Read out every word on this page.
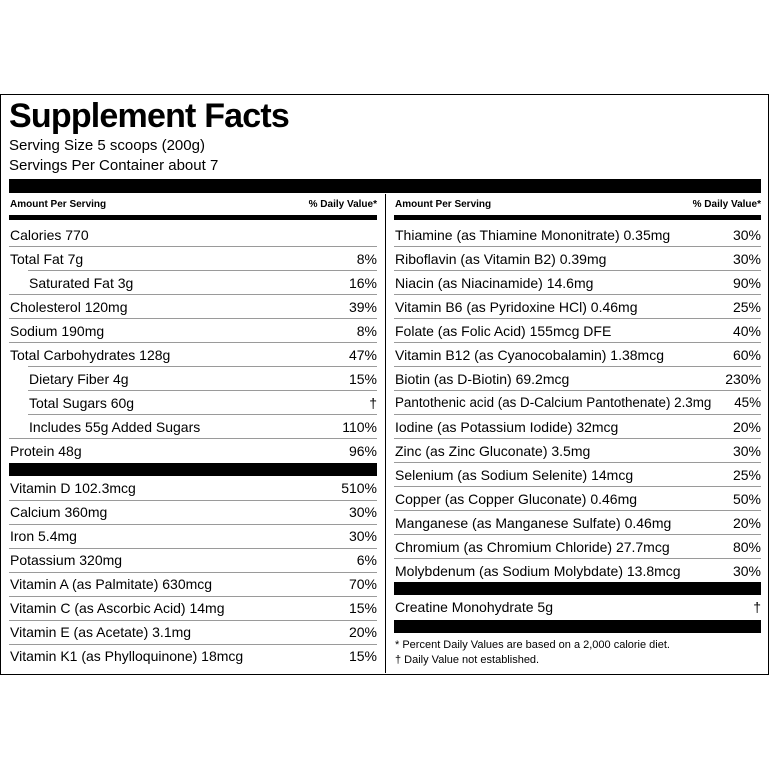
Supplement Facts
Serving Size 5 scoops (200g)
Servings Per Container about 7
Amount Per Serving	% Daily Value* Amount Per Serving	% Daily Value*
Calories 770
Total Fat 7g	8%
Saturated Fat 3g	16%
Cholesterol 120mg	39%
Sodium 190mg	8%
Total Carbohydrates 128g	47%
Dietary Fiber 4g	15%
Total Sugars 60g	†
Includes 55g Added Sugars	110%
Protein 48g	96%
Vitamin D 102.3mcg	510%
Calcium 360mg	30%
Iron 5.4mg	30%
Potassium 320mg	6%
Vitamin A (as Palmitate) 630mcg	70%
Vitamin C (as Ascorbic Acid) 14mg	15%
Vitamin E (as Acetate) 3.1mg	20%
Vitamin K1 (as Phylloquinone) 18mcg	15%
Thiamine (as Thiamine Mononitrate) 0.35mg	30%
Riboflavin (as Vitamin B2) 0.39mg	30%
Niacin (as Niacinamide) 14.6mg	90%
Vitamin B6 (as Pyridoxine HCl) 0.46mg	25%
Folate (as Folic Acid) 155mcg DFE	40%
Vitamin B12 (as Cyanocobalamin) 1.38mcg	60%
Biotin (as D-Biotin) 69.2mcg	230%
Pantothenic acid (as D-Calcium Pantothenate) 2.3mg 45%
Iodine (as Potassium Iodide) 32mcg	20%
Zinc (as Zinc Gluconate) 3.5mg	30%
Selenium (as Sodium Selenite) 14mcg	25%
Copper (as Copper Gluconate) 0.46mg	50%
Manganese (as Manganese Sulfate) 0.46mg	20%
Chromium (as Chromium Chloride) 27.7mcg	80%
Molybdenum (as Sodium Molybdate) 13.8mcg	30%
Creatine Monohydrate 5g	†
* Percent Daily Values are based on a 2,000 calorie diet.
† Daily Value not established.
